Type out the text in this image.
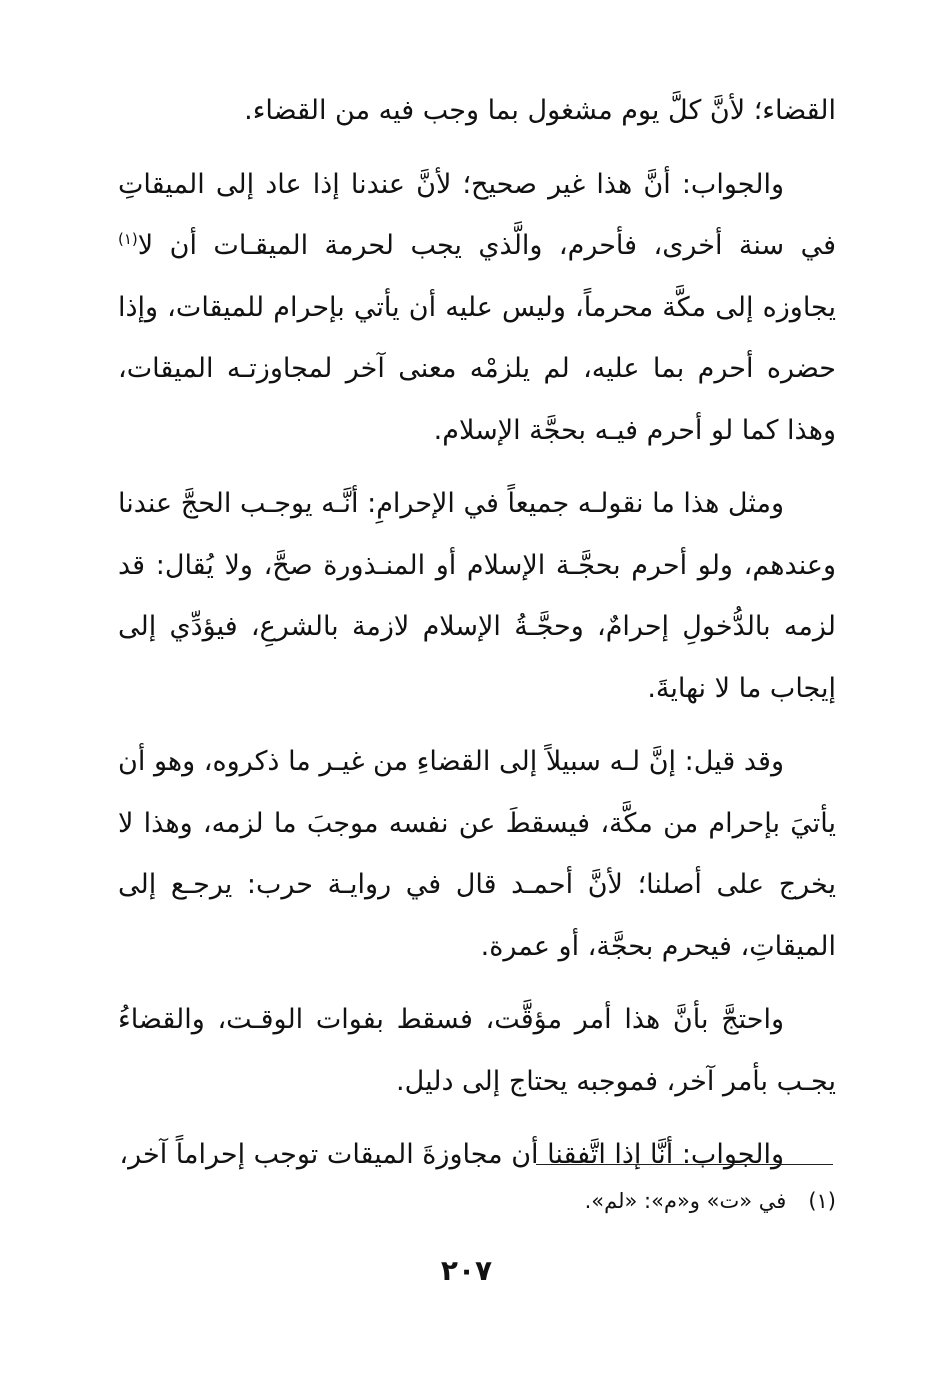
القضاء؛ لأنَّ كلَّ يوم مشغول بما وجب فيه من القضاء.

والجواب: أنَّ هذا غير صحيح؛ لأنَّ عندنا إذا عاد إلى الميقاتِ في سنة أخرى، فأحرم، والَّذي يجب لحرمة الميقـات أن لا$^{(١)}$ يجاوزه إلى مكَّة محرماً، وليس عليه أن يأتي بإحرام للميقات، وإذا حضره أحرم بما عليه، لم يلزمْه معنى آخر لمجاوزتـه الميقات، وهذا كما لو أحرم فيـه بحجَّة الإسلام.

ومثل هذا ما نقولـه جميعاً في الإحرامِ: أنَّـه يوجـب الحجَّ عندنا وعندهم، ولو أحرم بحجَّـة الإسلام أو المنـذورة صحَّ، ولا يُقال: قد لزمه بالدُّخولِ إحرامٌ، وحجَّـةُ الإسلام لازمة بالشرعِ، فيؤدِّي إلى إيجاب ما لا نهايةَ.

وقد قيل: إنَّ لـه سبيلاً إلى القضاءِ من غيـر ما ذكروه، وهو أن يأتيَ بإحرام من مكَّة، فيسقطَ عن نفسه موجبَ ما لزمه، وهذا لا يخرج على أصلنا؛ لأنَّ أحمـد قال في روايـة حرب: يرجـع إلى الميقاتِ، فيحرم بحجَّة، أو عمرة.

واحتجَّ بأنَّ هذا أمر مؤقَّت، فسقط بفوات الوقـت، والقضاءُ يجـب بأمر آخر، فموجبه يحتاج إلى دليل.

والجواب: أنَّا إذا اتَّفقنا أن مجاوزةَ الميقات توجب إحراماً آخر،

(١)في «ت» و«م»: «لم».
٢٠٧
